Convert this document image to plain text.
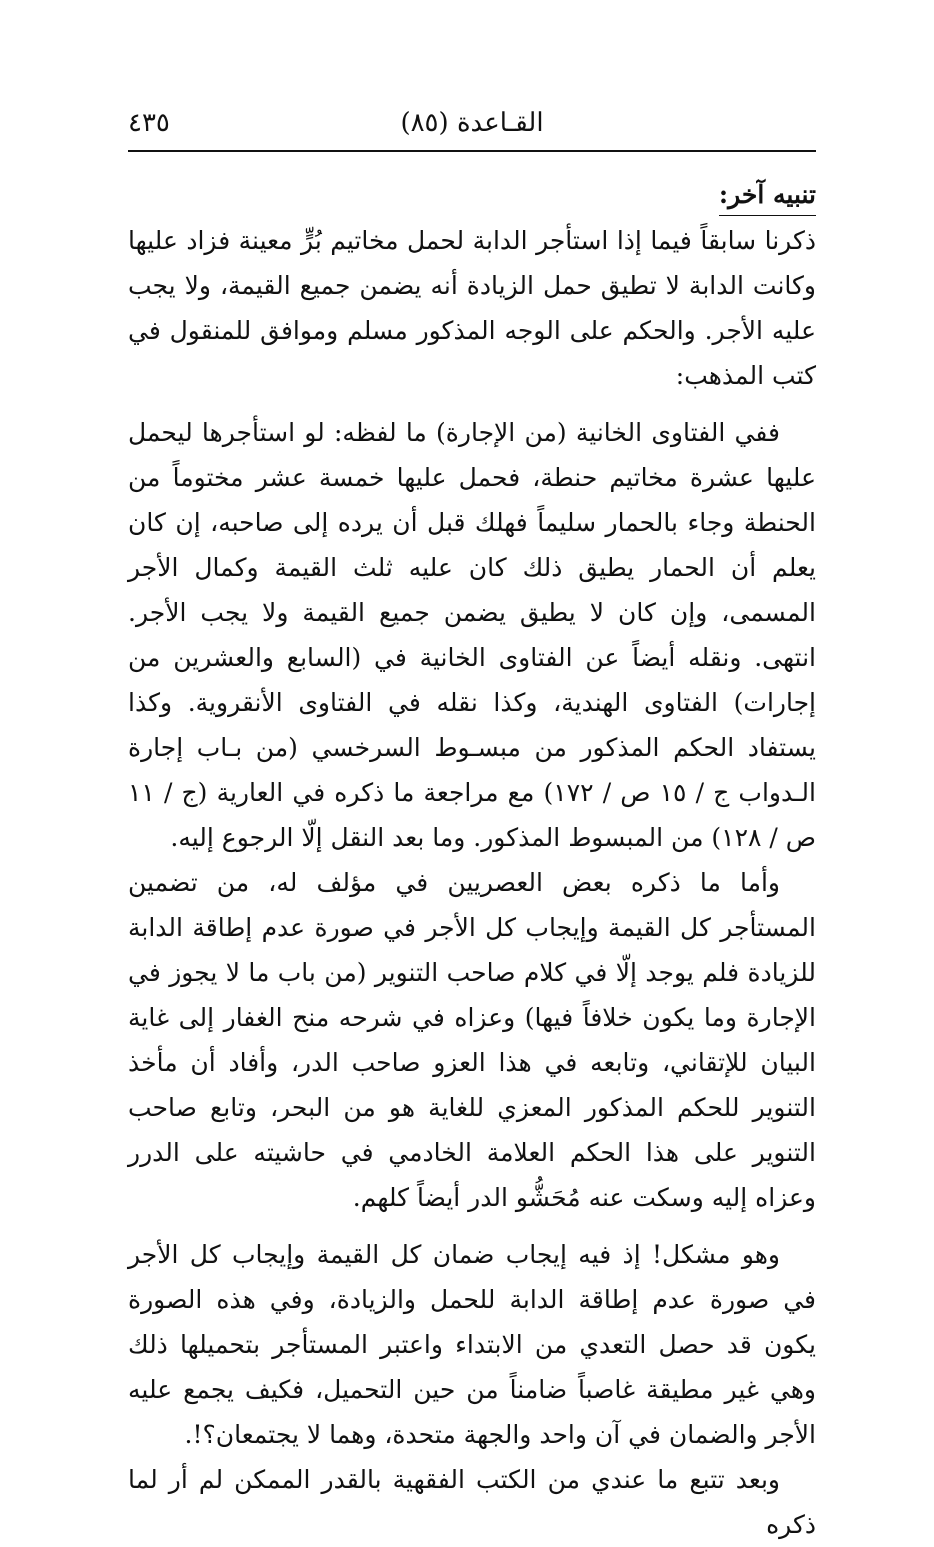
القـاعدة (٨٥)
٤٣٥
تنبيه آخر:

ذكرنا سابقاً فيما إذا استأجر الدابة لحمل مخاتيم بُرٍّ معينة فزاد عليها وكانت الدابة لا تطيق حمل الزيادة أنه يضمن جميع القيمة، ولا يجب عليه الأجر. والحكم على الوجه المذكور مسلم وموافق للمنقول في كتب المذهب:

ففي الفتاوى الخانية (من الإجارة) ما لفظه: لو استأجرها ليحمل عليها عشرة مخاتيم حنطة، فحمل عليها خمسة عشر مختوماً من الحنطة وجاء بالحمار سليماً فهلك قبل أن يرده إلى صاحبه، إن كان يعلم أن الحمار يطيق ذلك كان عليه ثلث القيمة وكمال الأجر المسمى، وإن كان لا يطيق يضمن جميع القيمة ولا يجب الأجر. انتهى. ونقله أيضاً عن الفتاوى الخانية في (السابع والعشرين من إجارات) الفتاوى الهندية، وكذا نقله في الفتاوى الأنقروية. وكذا يستفاد الحكم المذكور من مبسـوط السرخسي (من بـاب إجارة الـدواب ج / ١٥ ص / ١٧٢) مع مراجعة ما ذكره في العارية (ج / ١١ ص / ١٢٨) من المبسوط المذكور. وما بعد النقل إلّا الرجوع إليه.

وأما ما ذكره بعض العصريين في مؤلف له، من تضمين المستأجر كل القيمة وإيجاب كل الأجر في صورة عدم إطاقة الدابة للزيادة فلم يوجد إلّا في كلام صاحب التنوير (من باب ما لا يجوز في الإجارة وما يكون خلافاً فيها) وعزاه في شرحه منح الغفار إلى غاية البيان للإتقاني، وتابعه في هذا العزو صاحب الدر، وأفاد أن مأخذ التنوير للحكم المذكور المعزي للغاية هو من البحر، وتابع صاحب التنوير على هذا الحكم العلامة الخادمي في حاشيته على الدرر وعزاه إليه وسكت عنه مُحَشُّو الدر أيضاً كلهم.

وهو مشكل! إذ فيه إيجاب ضمان كل القيمة وإيجاب كل الأجر في صورة عدم إطاقة الدابة للحمل والزيادة، وفي هذه الصورة يكون قد حصل التعدي من الابتداء واعتبر المستأجر بتحميلها ذلك وهي غير مطيقة غاصباً ضامناً من حين التحميل، فكيف يجمع عليه الأجر والضمان في آن واحد والجهة متحدة، وهما لا يجتمعان؟!.

وبعد تتبع ما عندي من الكتب الفقهية بالقدر الممكن لم أر لما ذكره
